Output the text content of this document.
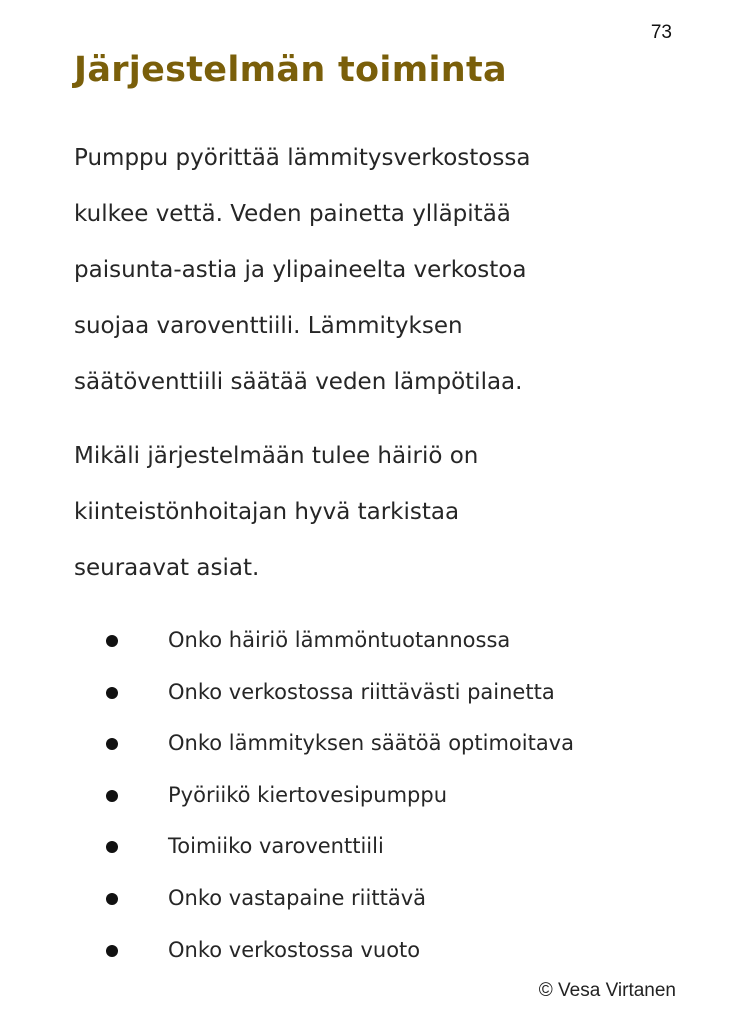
73
Järjestelmän toiminta

Pumppu pyörittää lämmitysverkostossa
kulkee vettä. Veden painetta ylläpitää
paisunta-astia ja ylipaineelta verkostoa
suojaa varoventtiili. Lämmityksen
säätöventtiili säätää veden lämpötilaa.

Mikäli järjestelmään tulee häiriö on
kiinteistönhoitajan hyvä tarkistaa
seuraavat asiat.

Onko häiriö lämmöntuotannossa
Onko verkostossa riittävästi painetta
Onko lämmityksen säätöä optimoitava
Pyöriikö kiertovesipumppu
Toimiiko varoventtiili
Onko vastapaine riittävä
Onko verkostossa vuoto
© Vesa Virtanen
